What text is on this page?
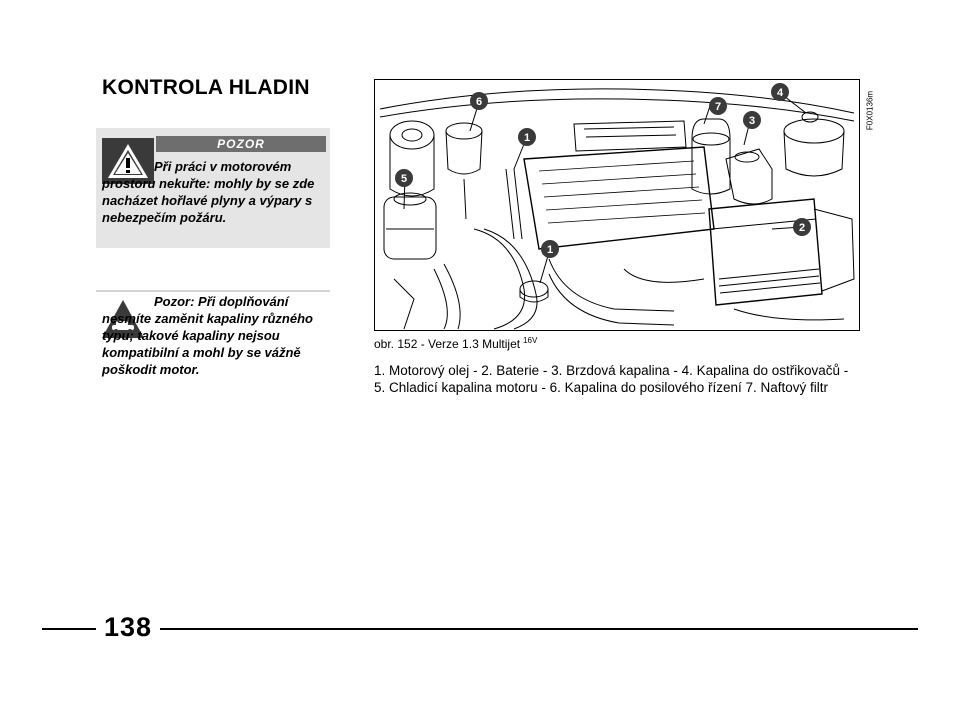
KONTROLA HLADIN
POZOR
Při práci v motorovém prostoru nekuřte: mohly by se zde nacházet hořlavé plyny a výpary s nebezpečím požáru.
Pozor: Při doplňování nesmíte zaměnit kapaliny různého typu; takové kapaliny nejsou kompatibilní a mohl by se vážně poškodit motor.
6
1
5
1
7
4
3
2
F0X0136m
obr. 152 - Verze 1.3 Multijet $^{16V}$
1. Motorový olej - 2. Baterie - 3. Brzdová kapalina - 4. Kapalina do ostřikovačů - 5. Chladicí kapalina motoru - 6. Kapalina do posilového řízení 7. Naftový filtr
138
